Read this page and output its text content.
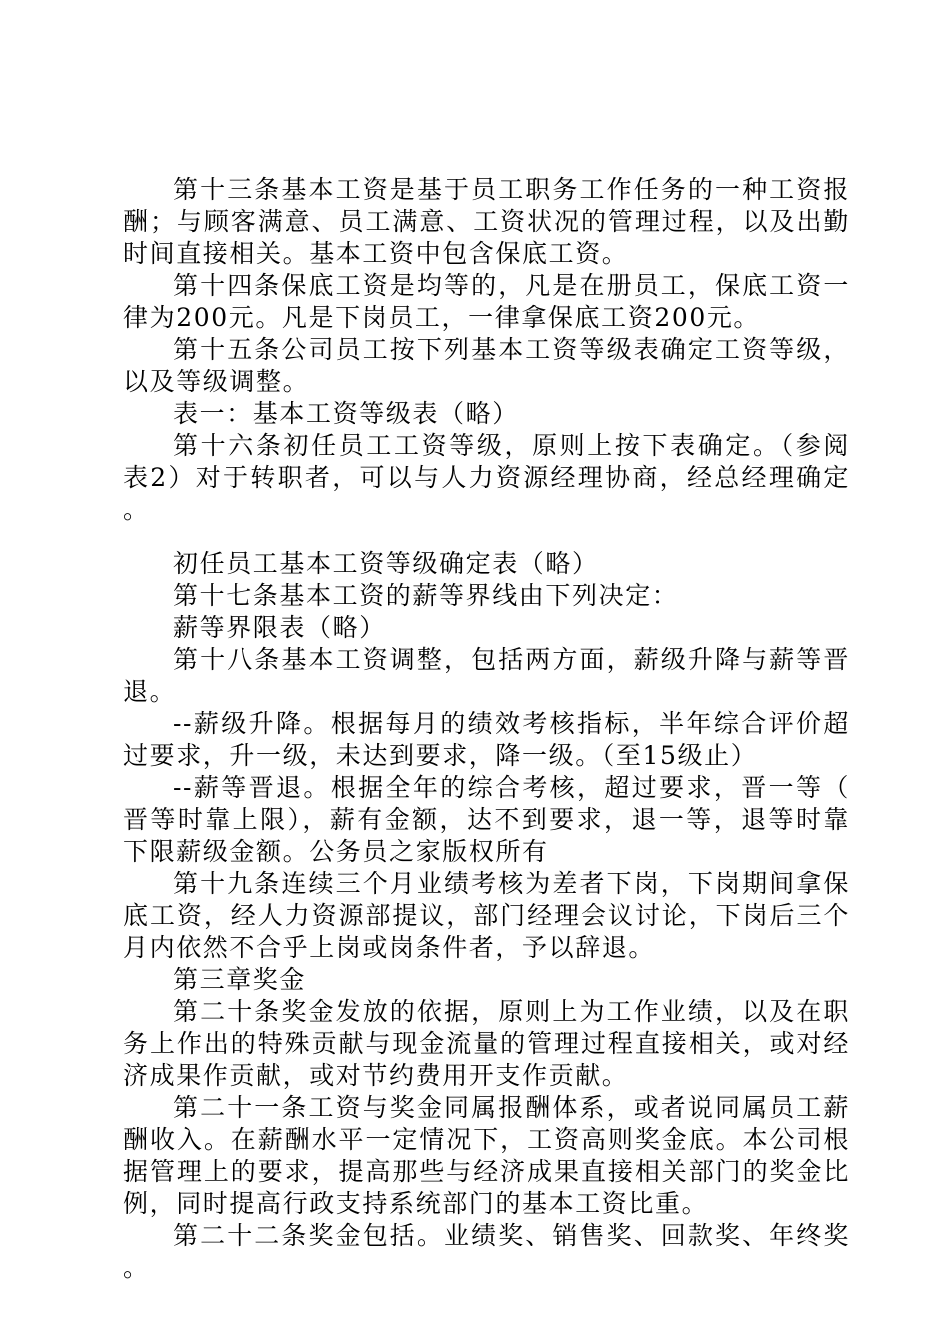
第十三条基本工资是基于员工职务工作任务的一种工资报酬；与顾客满意、员工满意、工资状况的管理过程，以及出勤时间直接相关。基本工资中包含保底工资。

第十四条保底工资是均等的，凡是在册员工，保底工资一律为200元。凡是下岗员工，一律拿保底工资200元。

第十五条公司员工按下列基本工资等级表确定工资等级，以及等级调整。

表一：基本工资等级表（略）

第十六条初任员工工资等级，原则上按下表确定。（参阅表2）对于转职者，可以与人力资源经理协商，经总经理确定。

初任员工基本工资等级确定表（略）

第十七条基本工资的薪等界线由下列决定：

薪等界限表（略）

第十八条基本工资调整，包括两方面，薪级升降与薪等晋退。

--薪级升降。根据每月的绩效考核指标，半年综合评价超过要求，升一级，未达到要求，降一级。（至15级止）

--薪等晋退。根据全年的综合考核，超过要求，晋一等（晋等时靠上限），薪有金额，达不到要求，退一等，退等时靠下限薪级金额。公务员之家版权所有

第十九条连续三个月业绩考核为差者下岗，下岗期间拿保底工资，经人力资源部提议，部门经理会议讨论，下岗后三个月内依然不合乎上岗或岗条件者，予以辞退。

第三章奖金

第二十条奖金发放的依据，原则上为工作业绩，以及在职务上作出的特殊贡献与现金流量的管理过程直接相关，或对经济成果作贡献，或对节约费用开支作贡献。

第二十一条工资与奖金同属报酬体系，或者说同属员工薪酬收入。在薪酬水平一定情况下，工资高则奖金底。本公司根据管理上的要求，提高那些与经济成果直接相关部门的奖金比例，同时提高行政支持系统部门的基本工资比重。

第二十二条奖金包括。业绩奖、销售奖、回款奖、年终奖。
